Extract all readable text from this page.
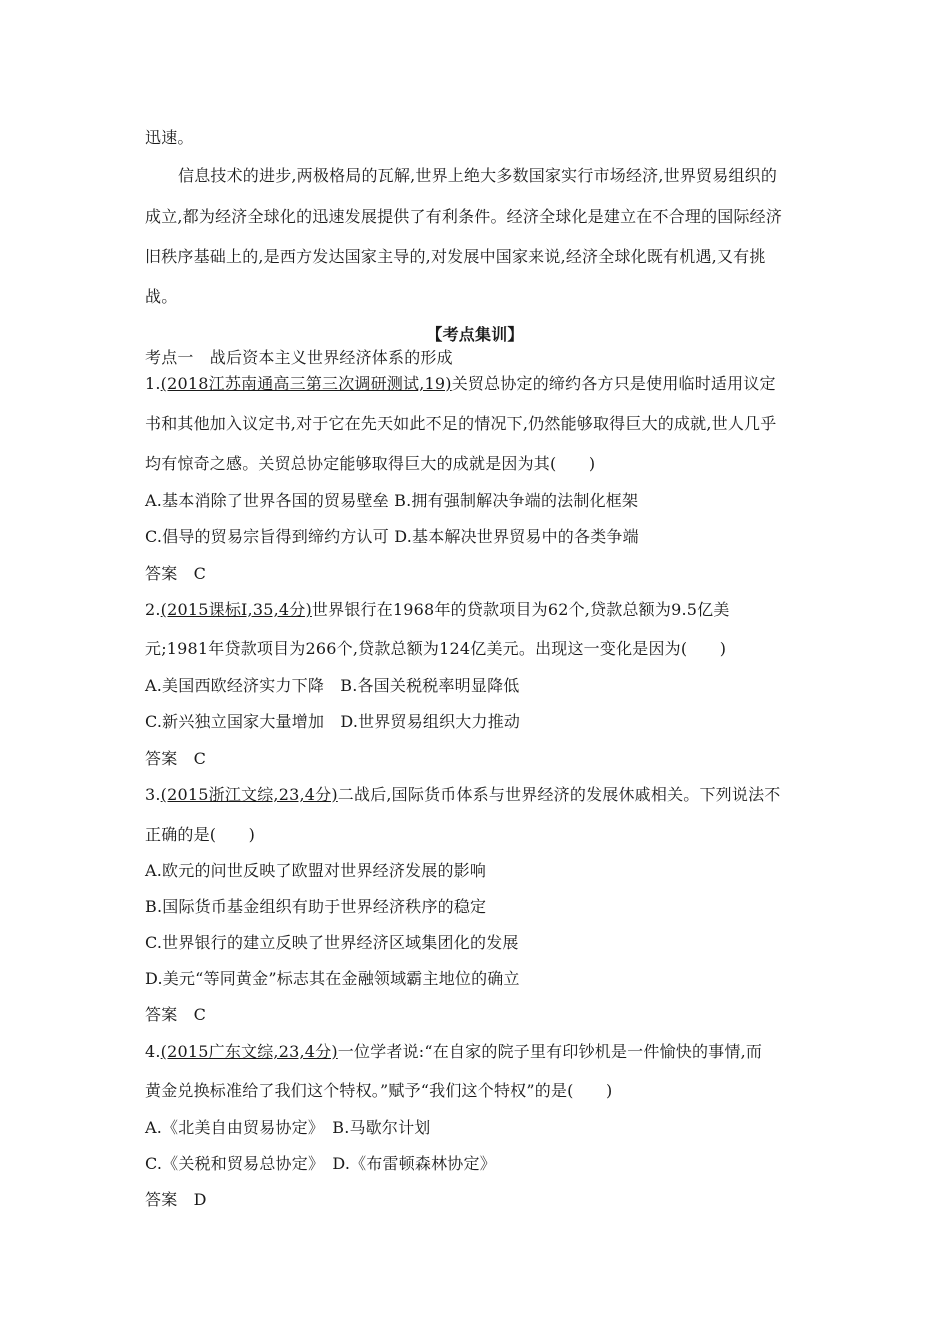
迅速。
信息技术的进步,两极格局的瓦解,世界上绝大多数国家实行市场经济,世界贸易组织的
成立,都为经济全球化的迅速发展提供了有利条件。经济全球化是建立在不合理的国际经济
旧秩序基础上的,是西方发达国家主导的,对发展中国家来说,经济全球化既有机遇,又有挑
战。
【考点集训】
考点一　战后资本主义世界经济体系的形成
1.(2018江苏南通高三第三次调研测试,19)关贸总协定的缔约各方只是使用临时适用议定
书和其他加入议定书,对于它在先天如此不足的情况下,仍然能够取得巨大的成就,世人几乎
均有惊奇之感。关贸总协定能够取得巨大的成就是因为其(　　)
A.基本消除了世界各国的贸易壁垒 B.拥有强制解决争端的法制化框架
C.倡导的贸易宗旨得到缔约方认可 D.基本解决世界贸易中的各类争端
答案　C
2.(2015课标Ⅰ,35,4分)世界银行在1968年的贷款项目为62个,贷款总额为9.5亿美
元;1981年贷款项目为266个,贷款总额为124亿美元。出现这一变化是因为(　　)
A.美国西欧经济实力下降　B.各国关税税率明显降低
C.新兴独立国家大量增加　D.世界贸易组织大力推动
答案　C
3.(2015浙江文综,23,4分)二战后,国际货币体系与世界经济的发展休戚相关。下列说法不
正确的是(　　)
A.欧元的问世反映了欧盟对世界经济发展的影响
B.国际货币基金组织有助于世界经济秩序的稳定
C.世界银行的建立反映了世界经济区域集团化的发展
D.美元“等同黄金”标志其在金融领域霸主地位的确立
答案　C
4.(2015广东文综,23,4分)一位学者说:“在自家的院子里有印钞机是一件愉快的事情,而
黄金兑换标准给了我们这个特权。”赋予“我们这个特权”的是(　　)
A.《北美自由贸易协定》　B.马歇尔计划
C.《关税和贸易总协定》　D.《布雷顿森林协定》
答案　D
